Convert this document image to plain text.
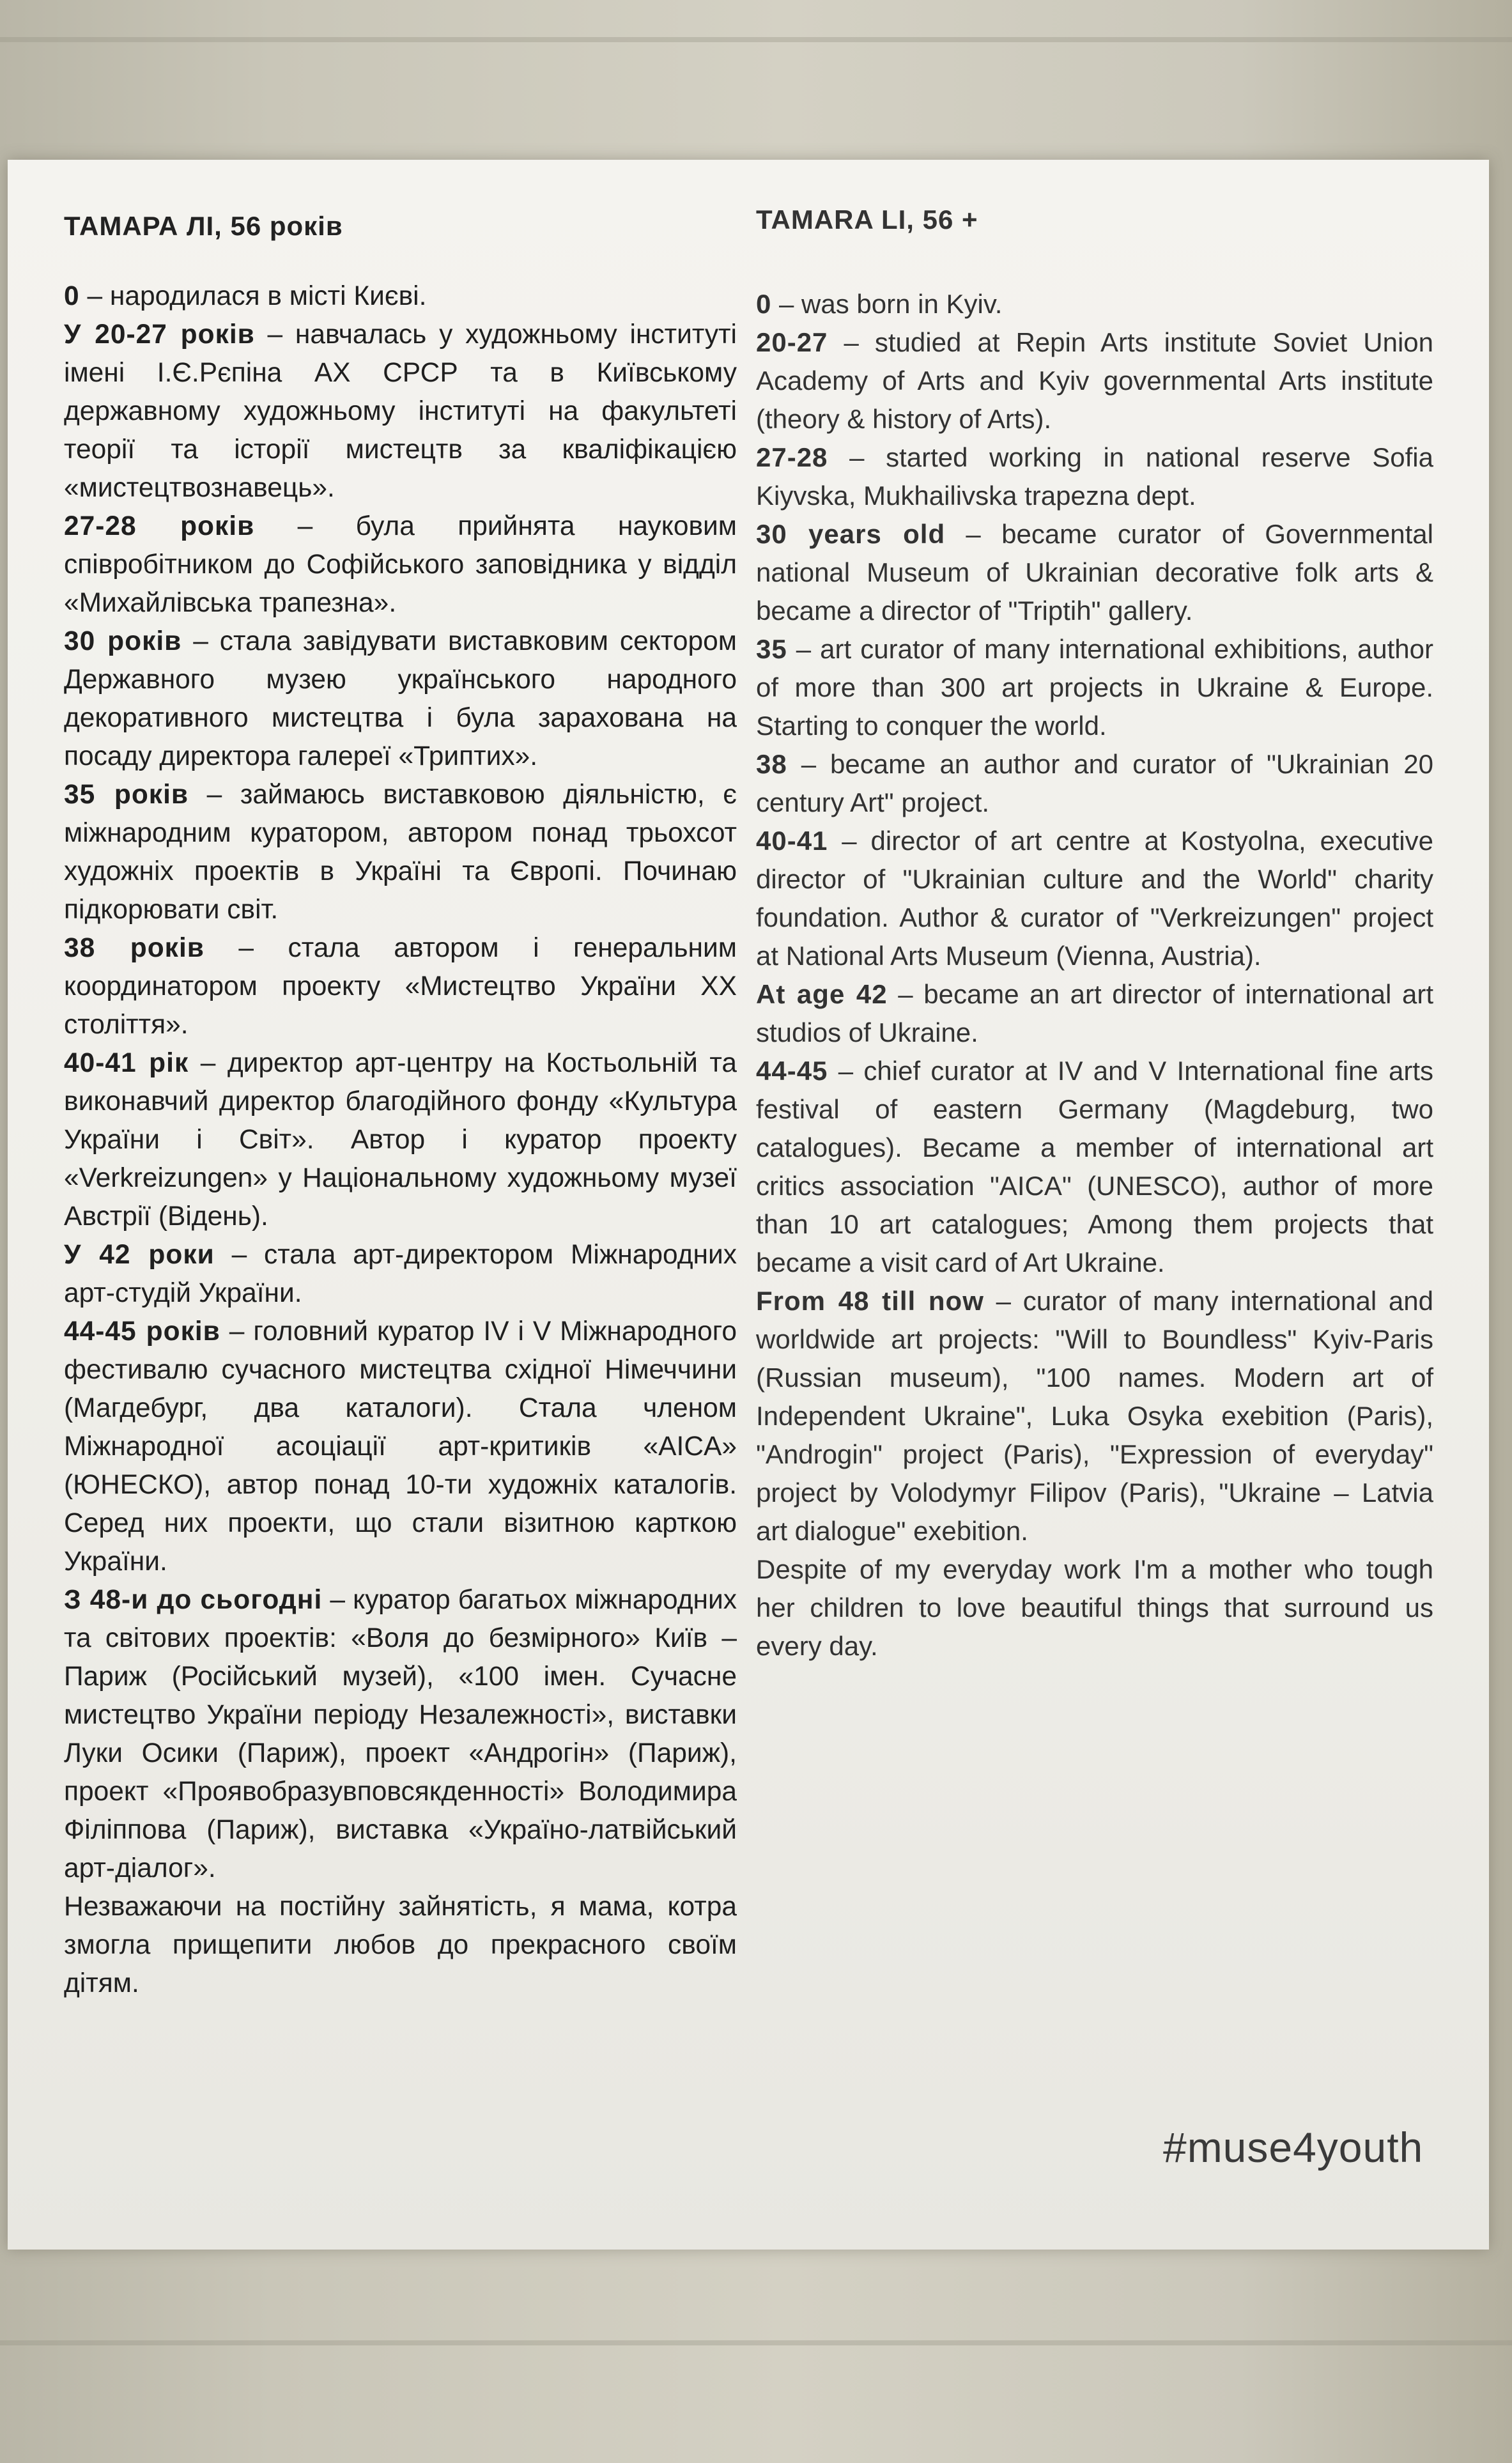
ТАМАРА ЛІ, 56 років	TAMARA LI, 56 +

0 – народилася в місті Києві.

У 20-27 років – навчалась у художньому інституті імені І.Є.Рєпіна АХ СРСР та в Київському державному художньому інституті на факультеті теорії та історії мистецтв за кваліфікацією «мистецтвознавець».

27-28 років – була прийнята науковим співробітником до Софійського заповідника у відділ «Михайлівська трапезна».

30 років – стала завідувати виставковим сектором Державного музею українського народного декоративного мистецтва і була зарахована на посаду директора галереї «Триптих».

35 років – займаюсь виставковою діяльністю, є міжнародним куратором, автором понад трьохсот художніх проектів в Україні та Європі. Починаю підкорювати світ.

38 років – стала автором і генеральним координатором проекту «Мистецтво України XX століття».

40-41 рік – директор арт-центру на Костьольній та виконавчий директор благодійного фонду «Культура України і Світ». Автор і куратор проекту «Verkreizungen» у Національному художньому музеї Австрії (Відень).

У 42 роки – стала арт-директором Міжнародних арт-студій України.

44-45 років – головний куратор IV і V Міжнародного фестивалю сучасного мистецтва східної Німеччини (Магдебург, два каталоги). Стала членом Міжнародної асоціації арт-критиків «AICA» (ЮНЕСКО), автор понад 10-ти художніх каталогів. Серед них проекти, що стали візитною карткою України.

З 48-и до сьогодні – куратор багатьох міжнародних та світових проектів: «Воля до безмірного» Київ – Париж (Російський музей), «100 імен. Сучасне мистецтво України періоду Незалежності», виставки Луки Осики (Париж), проект «Андрогін» (Париж), проект «Проявобразувповсякденності» Володимира Філіппова (Париж), виставка «Україно-латвійський арт-діалог».

Незважаючи на постійну зайнятість, я мама, котра змогла прищепити любов до прекрасного своїм дітям.

0 – was born in Kyiv.

20-27 – studied at Repin Arts institute Soviet Union Academy of Arts and Kyiv governmental Arts institute (theory & history of Arts).

27-28 – started working in national reserve Sofia Kiyvska, Mukhailivska trapezna dept.

30 years old – became curator of Governmental national Museum of Ukrainian decorative folk arts & became a director of "Triptih" gallery.

35 – art curator of many international exhibitions, author of more than 300 art projects in Ukraine & Europe. Starting to conquer the world.

38 – became an author and curator of "Ukrainian 20 century Art" project.

40-41 – director of art centre at Kostyolna, executive director of "Ukrainian culture and the World" charity foundation. Author & curator of "Verkreizungen" project at National Arts Museum (Vienna, Austria).

At age 42 – became an art director of international art studios of Ukraine.

44-45 – chief curator at IV and V International fine arts festival of eastern Germany (Magdeburg, two catalogues). Became a member of international art critics association "AICA" (UNESCO), author of more than 10 art catalogues; Among them projects that became a visit card of Art Ukraine.

From 48 till now – curator of many international and worldwide art projects: "Will to Boundless" Kyiv-Paris (Russian museum), "100 names. Modern art of Independent Ukraine", Luka Osyka exebition (Paris), "Androgin" project (Paris), "Expression of everyday" project by Volodymyr Filipov (Paris), "Ukraine – Latvia art dialogue" exebition.

Despite of my everyday work I'm a mother who tough her children to love beautiful things that surround us every day.

#muse4youth
